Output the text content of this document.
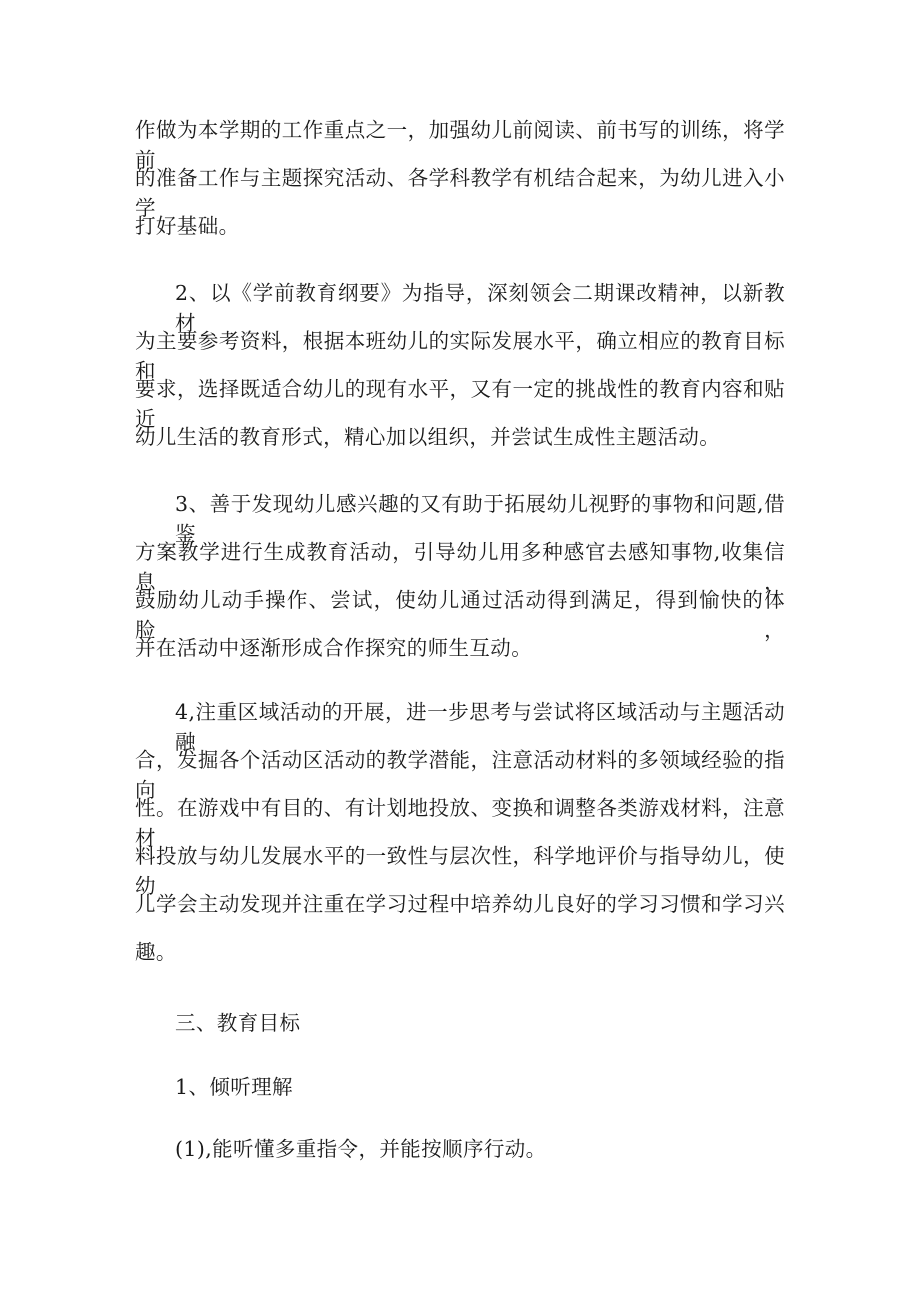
作做为本学期的工作重点之一，加强幼儿前阅读、前书写的训练，将学前
的准备工作与主题探究活动、各学科教学有机结合起来，为幼儿进入小学
打好基础。
2、以《学前教育纲要》为指导，深刻领会二期课改精神，以新教材
为主要参考资料，根据本班幼儿的实际发展水平，确立相应的教育目标和
要求，选择既适合幼儿的现有水平，又有一定的挑战性的教育内容和贴近
幼儿生活的教育形式，精心加以组织，并尝试生成性主题活动。
3、善于发现幼儿感兴趣的又有助于拓展幼儿视野的事物和问题,借鉴
方案教学进行生成教育活动，引导幼儿用多种感官去感知事物,收集信息，
鼓励幼儿动手操作、尝试，使幼儿通过活动得到满足，得到愉快的体脸，
并在活动中逐渐形成合作探究的师生互动。
4,注重区域活动的开展，进一步思考与尝试将区域活动与主题活动融
合，发掘各个活动区活动的教学潜能，注意活动材料的多领域经验的指向
性。在游戏中有目的、有计划地投放、变换和调整各类游戏材料，注意材
料投放与幼儿发展水平的一致性与层次性，科学地评价与指导幼儿，使幼
儿学会主动发现并注重在学习过程中培养幼儿良好的学习习惯和学习兴
趣。
三、教育目标
1、倾听理解
(1),能听懂多重指令，并能按顺序行动。
